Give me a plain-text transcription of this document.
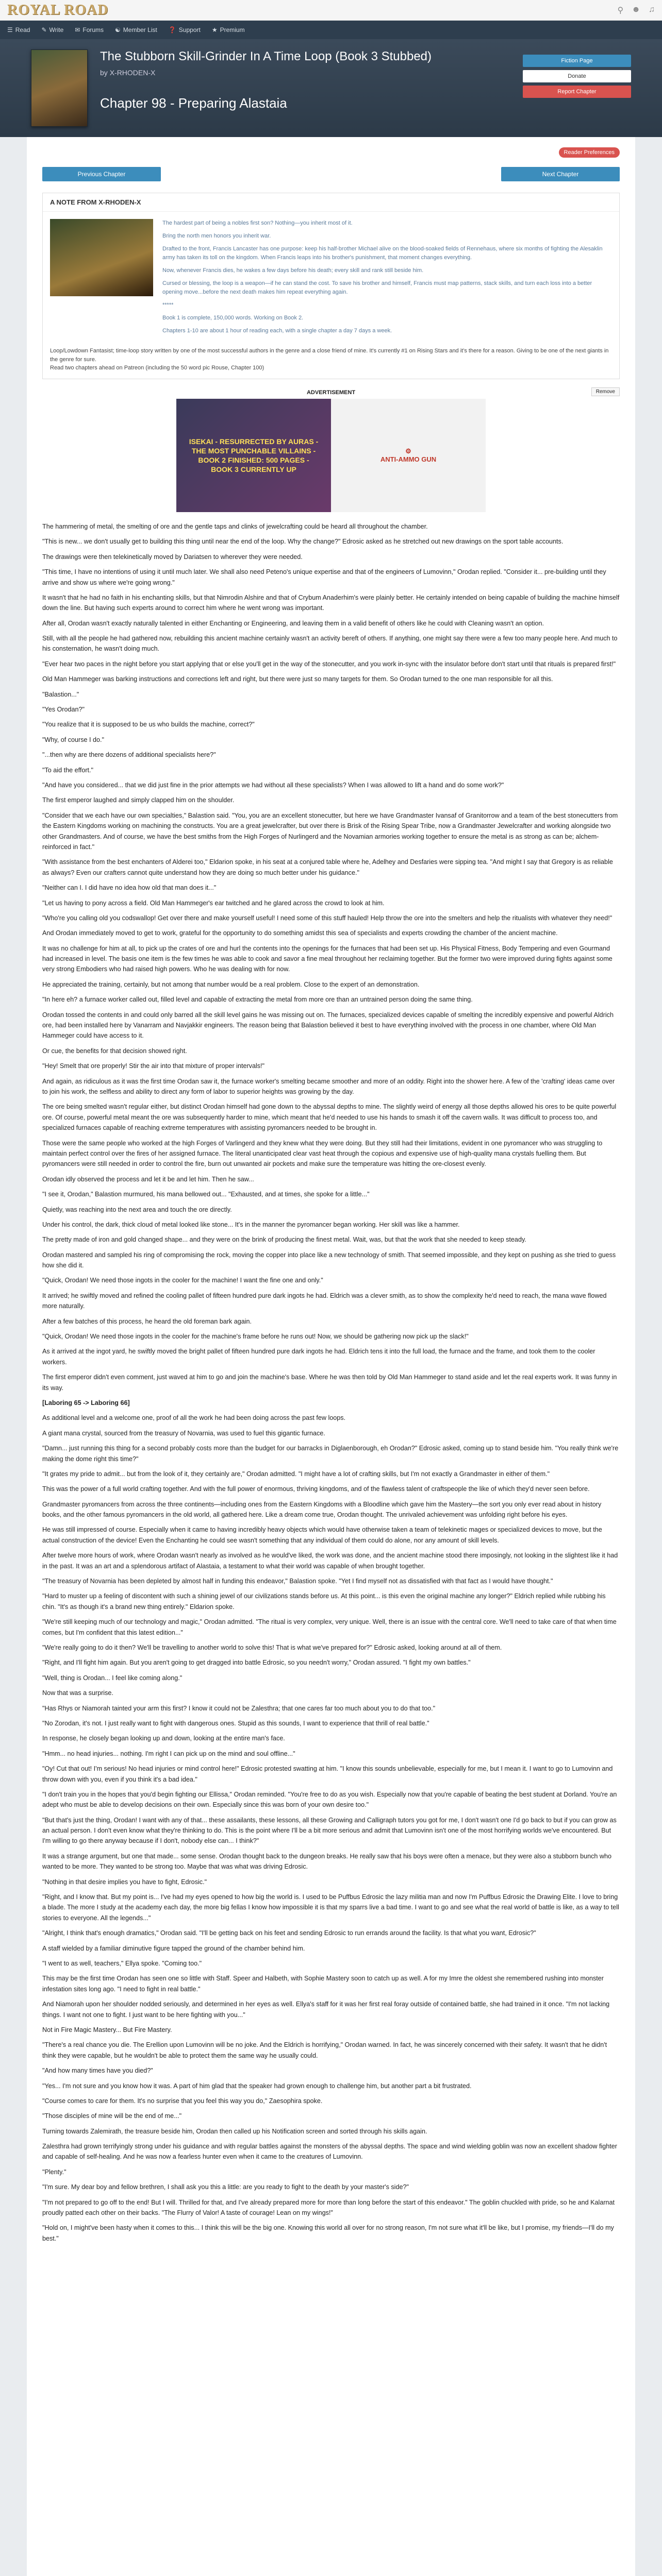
ROYAL ROAD	⚲ ☻ ♫
☰ Read ✎ Write ✉ Forums ☯ Member List ❓ Support ★ Premium
The Stubborn Skill-Grinder In A Time Loop (Book 3 Stubbed)
by X-RHODEN-X
Chapter 98 - Preparing Alastaia
Fiction Page
Donate
Report Chapter
Reader Preferences
Previous Chapter	Next Chapter
A NOTE FROM X-RHODEN-X

The hardest part of being a nobles first son? Nothing—you inherit most of it.

Bring the north men honors you inherit war.

Drafted to the front, Francis Lancaster has one purpose: keep his half-brother Michael alive on the blood-soaked fields of Rennehaus, where six months of fighting the Alesaklin army has taken its toll on the kingdom. When Francis leaps into his brother's punishment, that moment changes everything.

Now, whenever Francis dies, he wakes a few days before his death; every skill and rank still beside him.

Cursed or blessing, the loop is a weapon—if he can stand the cost. To save his brother and himself, Francis must map patterns, stack skills, and turn each loss into a better opening move...before the next death makes him repeat everything again.

*****

Book 1 is complete, 150,000 words. Working on Book 2.

Chapters 1-10 are about 1 hour of reading each, with a single chapter a day 7 days a week.

Loop/Lowdown Fantasist; time-loop story written by one of the most successful authors in the genre and a close friend of mine. It's currently #1 on Rising Stars and it's there for a reason. Giving to be one of the next giants in the genre for sure.

Read two chapters ahead on Patreon (including the 50 word pic Rouse, Chapter 100)

ADVERTISEMENT	Remove
ISEKAI - RESURRECTED BY AURAS - THE MOST PUNCHABLE VILLAINS - BOOK 2 FINISHED: 500 PAGES - BOOK 3 CURRENTLY UP
⚙
ANTI-AMMO GUN

The hammering of metal, the smelting of ore and the gentle taps and clinks of jewelcrafting could be heard all throughout the chamber.

"This is new... we don't usually get to building this thing until near the end of the loop. Why the change?" Edrosic asked as he stretched out new drawings on the sport table accounts.

The drawings were then telekinetically moved by Dariatsen to wherever they were needed.

"This time, I have no intentions of using it until much later. We shall also need Peteno's unique expertise and that of the engineers of Lumovinn," Orodan replied. "Consider it... pre-building until they arrive and show us where we're going wrong."

It wasn't that he had no faith in his enchanting skills, but that Nimrodin Alshire and that of Crybum Anaderhim's were plainly better. He certainly intended on being capable of building the machine himself down the line. But having such experts around to correct him where he went wrong was important.

After all, Orodan wasn't exactly naturally talented in either Enchanting or Engineering, and leaving them in a valid benefit of others like he could with Cleaning wasn't an option.

Still, with all the people he had gathered now, rebuilding this ancient machine certainly wasn't an activity bereft of others. If anything, one might say there were a few too many people here. And much to his consternation, he wasn't doing much.

"Ever hear two paces in the night before you start applying that or else you'll get in the way of the stonecutter, and you work in-sync with the insulator before don't start until that rituals is prepared first!"

Old Man Hammeger was barking instructions and corrections left and right, but there were just so many targets for them. So Orodan turned to the one man responsible for all this.

"Balastion..."

"Yes Orodan?"

"You realize that it is supposed to be us who builds the machine, correct?"

"Why, of course I do."

"...then why are there dozens of additional specialists here?"

"To aid the effort."

"And have you considered... that we did just fine in the prior attempts we had without all these specialists? When I was allowed to lift a hand and do some work?"

The first emperor laughed and simply clapped him on the shoulder.

"Consider that we each have our own specialties," Balastion said. "You, you are an excellent stonecutter, but here we have Grandmaster Ivansaf of Granitorrow and a team of the best stonecutters from the Eastern Kingdoms working on machining the constructs. You are a great jewelcrafter, but over there is Brisk of the Rising Spear Tribe, now a Grandmaster Jewelcrafter and working alongside two other Grandmasters. And of course, we have the best smiths from the High Forges of Nurlingerd and the Novamian armories working together to ensure the metal is as strong as can be; alchem-reinforced in fact."

"With assistance from the best enchanters of Alderei too," Eldarion spoke, in his seat at a conjured table where he, Adelhey and Desfaries were sipping tea. "And might I say that Gregory is as reliable as always? Even our crafters cannot quite understand how they are doing so much better under his guidance."

"Neither can I. I did have no idea how old that man does it..."

"Let us having to pony across a field. Old Man Hammeger's ear twitched and he glared across the crowd to look at him.

"Who're you calling old you codswallop! Get over there and make yourself useful! I need some of this stuff hauled! Help throw the ore into the smelters and help the ritualists with whatever they need!"

And Orodan immediately moved to get to work, grateful for the opportunity to do something amidst this sea of specialists and experts crowding the chamber of the ancient machine.

It was no challenge for him at all, to pick up the crates of ore and hurl the contents into the openings for the furnaces that had been set up. His Physical Fitness, Body Tempering and even Gourmand had increased in level. The basis one item is the few times he was able to cook and savor a fine meal throughout her reclaiming together. But the former two were improved during fights against some very strong Embodiers who had raised high powers. Who he was dealing with for now.

He appreciated the training, certainly, but not among that number would be a real problem. Close to the expert of an demonstration.

"In here eh? a furnace worker called out, filled level and capable of extracting the metal from more ore than an untrained person doing the same thing.

Orodan tossed the contents in and could only barred all the skill level gains he was missing out on. The furnaces, specialized devices capable of smelting the incredibly expensive and powerful Aldrich ore, had been installed here by Vanarram and Navjakkir engineers. The reason being that Balastion believed it best to have everything involved with the process in one chamber, where Old Man Hammeger could have access to it.

Or cue, the benefits for that decision showed right.

"Hey! Smelt that ore properly! Stir the air into that mixture of proper intervals!"

And again, as ridiculous as it was the first time Orodan saw it, the furnace worker's smelting became smoother and more of an oddity. Right into the shower here. A few of the 'crafting' ideas came over to join his work, the selfless and ability to direct any form of labor to superior heights was growing by the day.

The ore being smelted wasn't regular either, but distinct Orodan himself had gone down to the abyssal depths to mine. The slightly weird of energy all those depths allowed his ores to be quite powerful ore. Of course, powerful metal meant the ore was subsequently harder to mine, which meant that he'd needed to use his hands to smash it off the cavern walls. It was difficult to process too, and specialized furnaces capable of reaching extreme temperatures with assisting pyromancers needed to be brought in.

Those were the same people who worked at the high Forges of Varlingerd and they knew what they were doing. But they still had their limitations, evident in one pyromancer who was struggling to maintain perfect control over the fires of her assigned furnace. The literal unanticipated clear vast heat through the copious and expensive use of high-quality mana crystals fuelling them. But pyromancers were still needed in order to control the fire, burn out unwanted air pockets and make sure the temperature was hitting the ore-closest evenly.

Orodan idly observed the process and let it be and let him. Then he saw...

"I see it, Orodan," Balastion murmured, his mana bellowed out... "Exhausted, and at times, she spoke for a little..."

Quietly, was reaching into the next area and touch the ore directly.

Under his control, the dark, thick cloud of metal looked like stone... It's in the manner the pyromancer began working. Her skill was like a hammer.

The pretty made of iron and gold changed shape... and they were on the brink of producing the finest metal. Wait, was, but that the work that she needed to keep steady.

Orodan mastered and sampled his ring of compromising the rock, moving the copper into place like a new technology of smith. That seemed impossible, and they kept on pushing as she tried to guess how she did it.

"Quick, Orodan! We need those ingots in the cooler for the machine! I want the fine one and only."

It arrived; he swiftly moved and refined the cooling pallet of fifteen hundred pure dark ingots he had. Eldrich was a clever smith, as to show the complexity he'd need to reach, the mana wave flowed more naturally.

After a few batches of this process, he heard the old foreman bark again.

"Quick, Orodan! We need those ingots in the cooler for the machine's frame before he runs out! Now, we should be gathering now pick up the slack!"

As it arrived at the ingot yard, he swiftly moved the bright pallet of fifteen hundred pure dark ingots he had. Eldrich tens it into the full load, the furnace and the frame, and took them to the cooler workers.

The first emperor didn't even comment, just waved at him to go and join the machine's base. Where he was then told by Old Man Hammeger to stand aside and let the real experts work. It was funny in its way.

[Laboring 65 -> Laboring 66]

As additional level and a welcome one, proof of all the work he had been doing across the past few loops.

A giant mana crystal, sourced from the treasury of Novarnia, was used to fuel this gigantic furnace.

"Damn... just running this thing for a second probably costs more than the budget for our barracks in Diglaenborough, eh Orodan?" Edrosic asked, coming up to stand beside him. "You really think we're making the dome right this time?"

"It grates my pride to admit... but from the look of it, they certainly are," Orodan admitted. "I might have a lot of crafting skills, but I'm not exactly a Grandmaster in either of them."

This was the power of a full world crafting together. And with the full power of enormous, thriving kingdoms, and of the flawless talent of craftspeople the like of which they'd never seen before.

Grandmaster pyromancers from across the three continents—including ones from the Eastern Kingdoms with a Bloodline which gave him the Mastery—the sort you only ever read about in history books, and the other famous pyromancers in the old world, all gathered here. Like a dream come true, Orodan thought. The unrivaled achievement was unfolding right before his eyes.

He was still impressed of course. Especially when it came to having incredibly heavy objects which would have otherwise taken a team of telekinetic mages or specialized devices to move, but the actual construction of the device! Even the Enchanting he could see wasn't something that any individual of them could do alone, nor any amount of skill levels.

After twelve more hours of work, where Orodan wasn't nearly as involved as he would've liked, the work was done, and the ancient machine stood there imposingly, not looking in the slightest like it had in the past. It was an art and a splendorous artifact of Alastaia, a testament to what their world was capable of when brought together.

"The treasury of Novarnia has been depleted by almost half in funding this endeavor," Balastion spoke. "Yet I find myself not as dissatisfied with that fact as I would have thought."

"Hard to muster up a feeling of discontent with such a shining jewel of our civilizations stands before us. At this point... is this even the original machine any longer?" Eldrich replied while rubbing his chin. "It's as though it's a brand new thing entirely." Eldarion spoke.

"We're still keeping much of our technology and magic," Orodan admitted. "The ritual is very complex, very unique. Well, there is an issue with the central core. We'll need to take care of that when time comes, but I'm confident that this latest edition..."

"We're really going to do it then? We'll be travelling to another world to solve this! That is what we've prepared for?" Edrosic asked, looking around at all of them.

"Right, and I'll fight him again. But you aren't going to get dragged into battle Edrosic, so you needn't worry," Orodan assured. "I fight my own battles."

"Well, thing is Orodan... I feel like coming along."

Now that was a surprise.

"Has Rhys or Niamorah tainted your arm this first? I know it could not be Zalesthra; that one cares far too much about you to do that too."

"No Zorodan, it's not. I just really want to fight with dangerous ones. Stupid as this sounds, I want to experience that thrill of real battle."

In response, he closely began looking up and down, looking at the entire man's face.

"Hmm... no head injuries... nothing. I'm right I can pick up on the mind and soul offline..."

"Oy! Cut that out! I'm serious! No head injuries or mind control here!" Edrosic protested swatting at him. "I know this sounds unbelievable, especially for me, but I mean it. I want to go to Lumovinn and throw down with you, even if you think it's a bad idea."

"I don't train you in the hopes that you'd begin fighting our Ellissa," Orodan reminded. "You're free to do as you wish. Especially now that you're capable of beating the best student at Dorland. You're an adept who must be able to develop decisions on their own. Especially since this was born of your own desire too."

"But that's just the thing, Orodan! I want with any of that... these assailants, these lessons, all these Growing and Calligraph tutors you got for me, I don't wasn't one I'd go back to but if you can grow as an actual person. I don't even know what they're thinking to do. This is the point where I'll be a bit more serious and admit that Lumovinn isn't one of the most horrifying worlds we've encountered. But I'm willing to go there anyway because if I don't, nobody else can... I think?"

It was a strange argument, but one that made... some sense. Orodan thought back to the dungeon breaks. He really saw that his boys were often a menace, but they were also a stubborn bunch who wanted to be more. They wanted to be strong too. Maybe that was what was driving Edrosic.

"Nothing in that desire implies you have to fight, Edrosic."

"Right, and I know that. But my point is... I've had my eyes opened to how big the world is. I used to be Puffbus Edrosic the lazy militia man and now I'm Puffbus Edrosic the Drawing Elite. I love to bring a blade. The more I study at the academy each day, the more big fellas I know how impossible it is that my sparrs live a bad time. I want to go and see what the real world of battle is like, as a way to tell stories to everyone. All the legends..."

"Alright, I think that's enough dramatics," Orodan said. "I'll be getting back on his feet and sending Edrosic to run errands around the facility. Is that what you want, Edrosic?"

A staff wielded by a familiar diminutive figure tapped the ground of the chamber behind him.

"I went to as well, teachers," Ellya spoke. "Coming too."

This may be the first time Orodan has seen one so little with Staff. Speer and Halbeth, with Sophie Mastery soon to catch up as well. A for my Imre the oldest she remembered rushing into monster infestation sites long ago. "I need to fight in real battle."

And Niamorah upon her shoulder nodded seriously, and determined in her eyes as well. Ellya's staff for it was her first real foray outside of contained battle, she had trained in it once. "I'm not lacking things. I want not one to fight. I just want to be here fighting with you..."

Not in Fire Magic Mastery... But Fire Mastery.

"There's a real chance you die. The Erellion upon Lumovinn will be no joke. And the Eldrich is horrifying," Orodan warned. In fact, he was sincerely concerned with their safety. It wasn't that he didn't think they were capable, but he wouldn't be able to protect them the same way he usually could.

"And how many times have you died?"

"Yes... I'm not sure and you know how it was. A part of him glad that the speaker had grown enough to challenge him, but another part a bit frustrated.

"Course comes to care for them. It's no surprise that you feel this way you do," Zaesophira spoke.

"Those disciples of mine will be the end of me..."

Turning towards Zalemirath, the treasure beside him, Orodan then called up his Notification screen and sorted through his skills again.

Zalesthra had grown terrifyingly strong under his guidance and with regular battles against the monsters of the abyssal depths. The space and wind wielding goblin was now an excellent shadow fighter and capable of self-healing. And he was now a fearless hunter even when it came to the creatures of Lumovinn.

"Plenty."

"I'm sure. My dear boy and fellow brethren, I shall ask you this a little: are you ready to fight to the death by your master's side?"

"I'm not prepared to go off to the end! But I will. Thrilled for that, and I've already prepared more for more than long before the start of this endeavor." The goblin chuckled with pride, so he and Kalarnat proudly patted each other on their backs. "The Flurry of Valor! A taste of courage! Lean on my wings!"

"Hold on, I might've been hasty when it comes to this... I think this will be the big one. Knowing this world all over for no strong reason, I'm not sure what it'll be like, but I promise, my friends—I'll do my best."
